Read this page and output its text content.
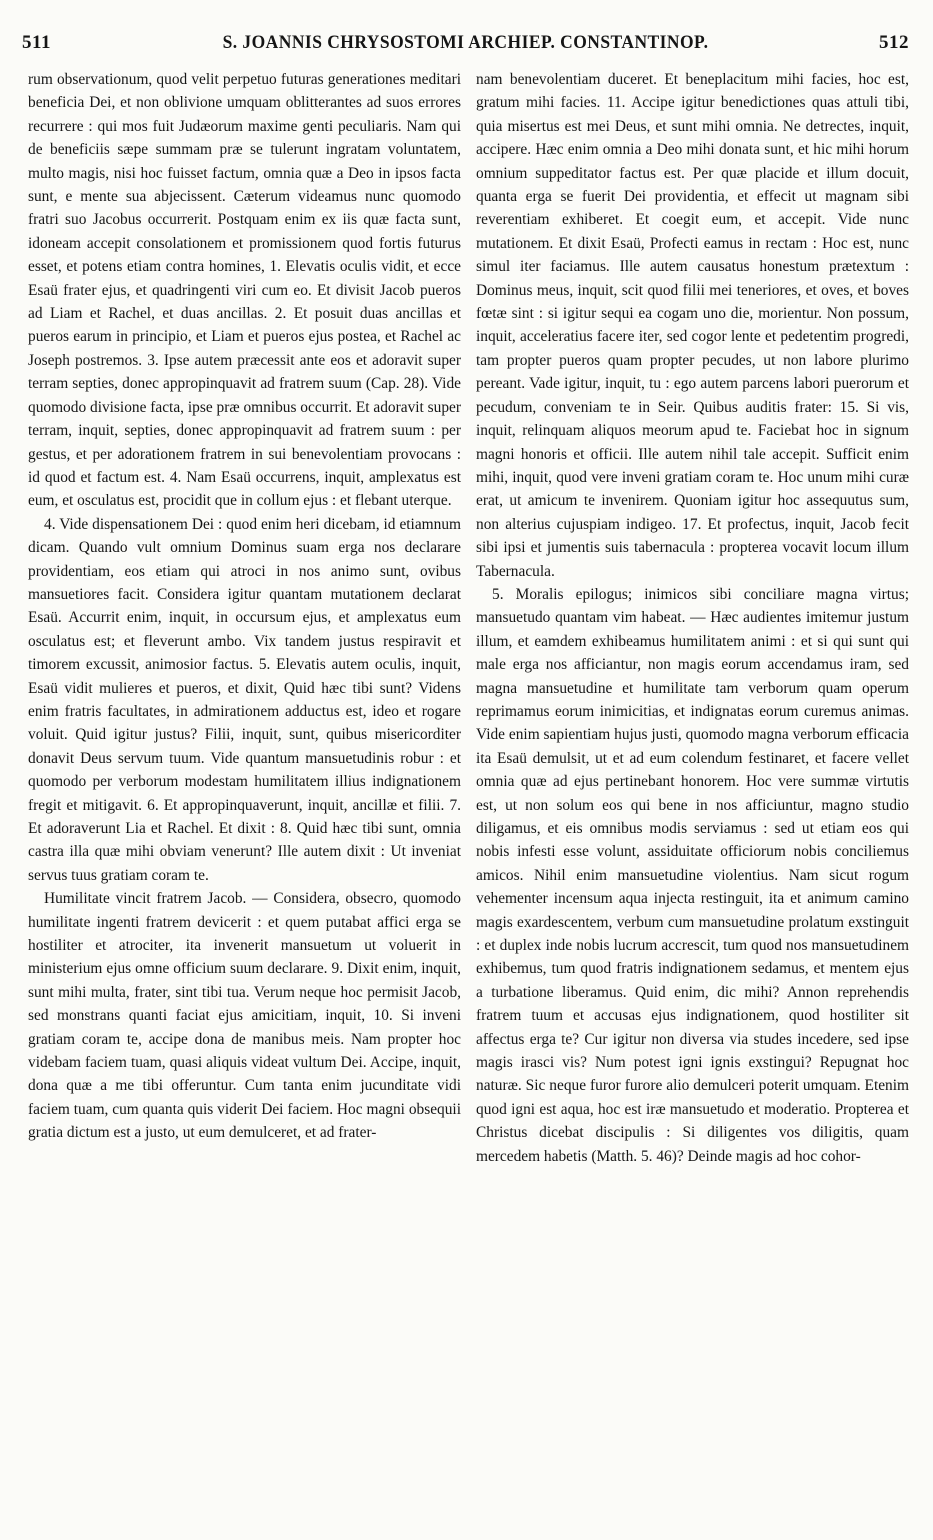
511	S. JOANNIS CHRYSOSTOMI ARCHIEP. CONSTANTINOP.	512

rum observationum, quod velit perpetuo futuras generationes meditari beneficia Dei, et non oblivione umquam oblitterantes ad suos errores recurrere : qui mos fuit Judæorum maxime genti peculiaris. Nam qui de beneficiis sæpe summam præ se tulerunt ingratam voluntatem, multo magis, nisi hoc fuisset factum, omnia quæ a Deo in ipsos facta sunt, e mente sua abjecissent. Cæterum videamus nunc quomodo fratri suo Jacobus occurrerit. Postquam enim ex iis quæ facta sunt, idoneam accepit consolationem et promissionem quod fortis futurus esset, et potens etiam contra homines, 1. Elevatis oculis vidit, et ecce Esaü frater ejus, et quadringenti viri cum eo. Et divisit Jacob pueros ad Liam et Rachel, et duas ancillas. 2. Et posuit duas ancillas et pueros earum in principio, et Liam et pueros ejus postea, et Rachel ac Joseph postremos. 3. Ipse autem præcessit ante eos et adoravit super terram septies, donec appropinquavit ad fratrem suum (Cap. 28). Vide quomodo divisione facta, ipse præ omnibus occurrit. Et adoravit super terram, inquit, septies, donec appropinquavit ad fratrem suum : per gestus, et per adorationem fratrem in sui benevolentiam provocans : id quod et factum est. 4. Nam Esaü occurrens, inquit, amplexatus est eum, et osculatus est, procidit que in collum ejus : et flebant uterque.

4. Vide dispensationem Dei : quod enim heri dicebam, id etiamnum dicam. Quando vult omnium Dominus suam erga nos declarare providentiam, eos etiam qui atroci in nos animo sunt, ovibus mansuetiores facit. Considera igitur quantam mutationem declarat Esaü. Accurrit enim, inquit, in occursum ejus, et amplexatus eum osculatus est; et fleverunt ambo. Vix tandem justus respiravit et timorem excussit, animosior factus. 5. Elevatis autem oculis, inquit, Esaü vidit mulieres et pueros, et dixit, Quid hæc tibi sunt? Videns enim fratris facultates, in admirationem adductus est, ideo et rogare voluit. Quid igitur justus? Filii, inquit, sunt, quibus misericorditer donavit Deus servum tuum. Vide quantum mansuetudinis robur : et quomodo per verborum modestam humilitatem illius indignationem fregit et mitigavit. 6. Et appropinquaverunt, inquit, ancillæ et filii. 7. Et adoraverunt Lia et Rachel. Et dixit : 8. Quid hæc tibi sunt, omnia castra illa quæ mihi obviam venerunt? Ille autem dixit : Ut inveniat servus tuus gratiam coram te.

Humilitate vincit fratrem Jacob. — Considera, obsecro, quomodo humilitate ingenti fratrem devicerit : et quem putabat affici erga se hostiliter et atrociter, ita invenerit mansuetum ut voluerit in ministerium ejus omne officium suum declarare. 9. Dixit enim, inquit, sunt mihi multa, frater, sint tibi tua. Verum neque hoc permisit Jacob, sed monstrans quanti faciat ejus amicitiam, inquit, 10. Si inveni gratiam coram te, accipe dona de manibus meis. Nam propter hoc videbam faciem tuam, quasi aliquis videat vultum Dei. Accipe, inquit, dona quæ a me tibi offeruntur. Cum tanta enim jucunditate vidi faciem tuam, cum quanta quis viderit Dei faciem. Hoc magni obsequii gratia dictum est a justo, ut eum demulceret, et ad frater-

nam benevolentiam duceret. Et beneplacitum mihi facies, hoc est, gratum mihi facies. 11. Accipe igitur benedictiones quas attuli tibi, quia misertus est mei Deus, et sunt mihi omnia. Ne detrectes, inquit, accipere. Hæc enim omnia a Deo mihi donata sunt, et hic mihi horum omnium suppeditator factus est. Per quæ placide et illum docuit, quanta erga se fuerit Dei providentia, et effecit ut magnam sibi reverentiam exhiberet. Et coegit eum, et accepit. Vide nunc mutationem. Et dixit Esaü, Profecti eamus in rectam : Hoc est, nunc simul iter faciamus. Ille autem causatus honestum prætextum : Dominus meus, inquit, scit quod filii mei teneriores, et oves, et boves fœtæ sint : si igitur sequi ea cogam uno die, morientur. Non possum, inquit, acceleratius facere iter, sed cogor lente et pedetentim progredi, tam propter pueros quam propter pecudes, ut non labore plurimo pereant. Vade igitur, inquit, tu : ego autem parcens labori puerorum et pecudum, conveniam te in Seir. Quibus auditis frater: 15. Si vis, inquit, relinquam aliquos meorum apud te. Faciebat hoc in signum magni honoris et officii. Ille autem nihil tale accepit. Sufficit enim mihi, inquit, quod vere inveni gratiam coram te. Hoc unum mihi curæ erat, ut amicum te invenirem. Quoniam igitur hoc assequutus sum, non alterius cujuspiam indigeo. 17. Et profectus, inquit, Jacob fecit sibi ipsi et jumentis suis tabernacula : propterea vocavit locum illum Tabernacula.

5. Moralis epilogus; inimicos sibi conciliare magna virtus; mansuetudo quantam vim habeat. — Hæc audientes imitemur justum illum, et eamdem exhibeamus humilitatem animi : et si qui sunt qui male erga nos afficiantur, non magis eorum accendamus iram, sed magna mansuetudine et humilitate tam verborum quam operum reprimamus eorum inimicitias, et indignatas eorum curemus animas. Vide enim sapientiam hujus justi, quomodo magna verborum efficacia ita Esaü demulsit, ut et ad eum colendum festinaret, et facere vellet omnia quæ ad ejus pertinebant honorem. Hoc vere summæ virtutis est, ut non solum eos qui bene in nos afficiuntur, magno studio diligamus, et eis omnibus modis serviamus : sed ut etiam eos qui nobis infesti esse volunt, assiduitate officiorum nobis conciliemus amicos. Nihil enim mansuetudine violentius. Nam sicut rogum vehementer incensum aqua injecta restinguit, ita et animum camino magis exardescentem, verbum cum mansuetudine prolatum exstinguit : et duplex inde nobis lucrum accrescit, tum quod nos mansuetudinem exhibemus, tum quod fratris indignationem sedamus, et mentem ejus a turbatione liberamus. Quid enim, dic mihi? Annon reprehendis fratrem tuum et accusas ejus indignationem, quod hostiliter sit affectus erga te? Cur igitur non diversa via studes incedere, sed ipse magis irasci vis? Num potest igni ignis exstingui? Repugnat hoc naturæ. Sic neque furor furore alio demulceri poterit umquam. Etenim quod igni est aqua, hoc est iræ mansuetudo et moderatio. Propterea et Christus dicebat discipulis : Si diligentes vos diligitis, quam mercedem habetis (Matth. 5. 46)? Deinde magis ad hoc cohor-
